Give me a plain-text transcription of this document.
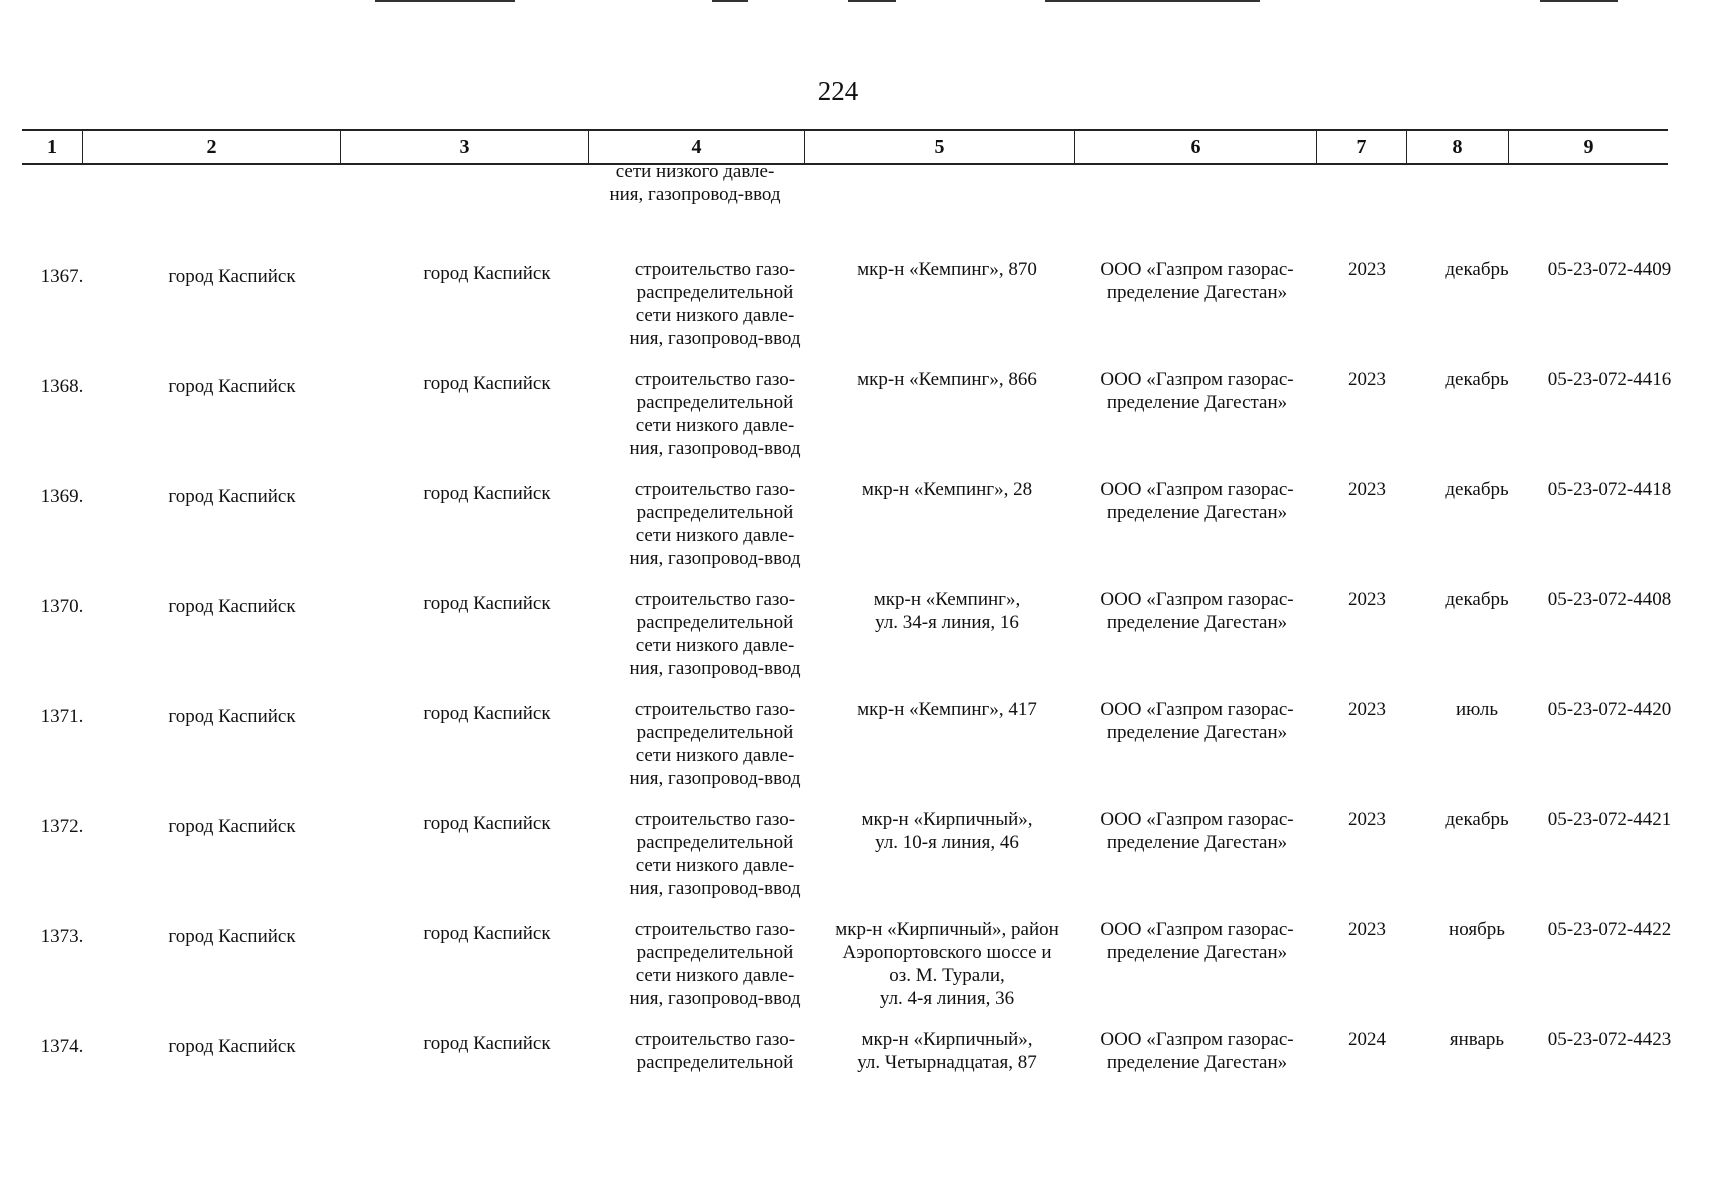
224
1	2	3	4	5	6	7	8	9
сети низкого давле-
ния, газопровод-ввод
1367.	город Каспийск	город Каспийск	строительство газо-
распределительной
сети низкого давле-
ния, газопровод-ввод
мкр-н «Кемпинг», 870	ООО «Газпром газорас-
пределение Дагестан»
2023	декабрь	05-23-072-4409
1368.	город Каспийск	город Каспийск	строительство газо-
распределительной
сети низкого давле-
ния, газопровод-ввод
мкр-н «Кемпинг», 866	ООО «Газпром газорас-
пределение Дагестан»
2023	декабрь	05-23-072-4416
1369.	город Каспийск	город Каспийск	строительство газо-
распределительной
сети низкого давле-
ния, газопровод-ввод
мкр-н «Кемпинг», 28	ООО «Газпром газорас-
пределение Дагестан»
2023	декабрь	05-23-072-4418
1370.	город Каспийск	город Каспийск	строительство газо-
распределительной
сети низкого давле-
ния, газопровод-ввод
мкр-н «Кемпинг»,
ул. 34-я линия, 16
ООО «Газпром газорас-
пределение Дагестан»
2023	декабрь	05-23-072-4408
1371.	город Каспийск	город Каспийск	строительство газо-
распределительной
сети низкого давле-
ния, газопровод-ввод
мкр-н «Кемпинг», 417	ООО «Газпром газорас-
пределение Дагестан»
2023	июль	05-23-072-4420
1372.	город Каспийск	город Каспийск	строительство газо-
распределительной
сети низкого давле-
ния, газопровод-ввод
мкр-н «Кирпичный»,
ул. 10-я линия, 46
ООО «Газпром газорас-
пределение Дагестан»
2023	декабрь	05-23-072-4421
1373.	город Каспийск	город Каспийск	строительство газо-
распределительной
сети низкого давле-
ния, газопровод-ввод
мкр-н «Кирпичный», район
Аэропортовского шоссе и
оз. М. Турали,
ул. 4-я линия, 36
ООО «Газпром газорас-
пределение Дагестан»
2023	ноябрь	05-23-072-4422
1374.	город Каспийск	город Каспийск	строительство газо-
распределительной
мкр-н «Кирпичный»,
ул. Четырнадцатая, 87
ООО «Газпром газорас-
пределение Дагестан»
2024	январь	05-23-072-4423
